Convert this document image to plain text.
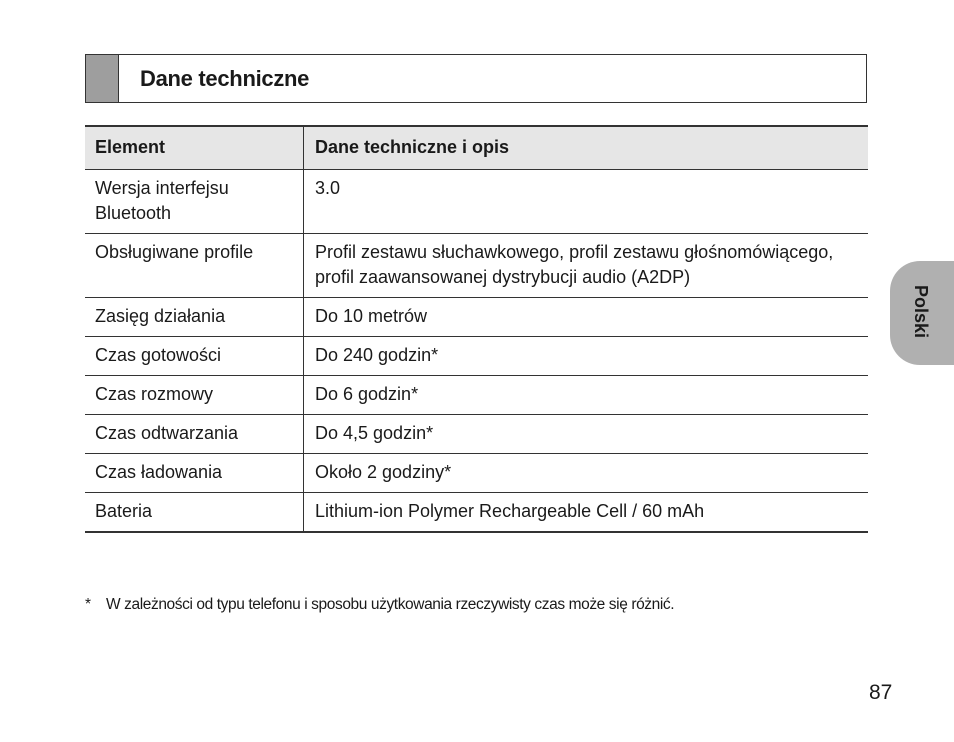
Dane techniczne
Element	Dane techniczne i opis
Wersja interfejsu Bluetooth	3.0
Obsługiwane profile	Profil zestawu słuchawkowego, profil zestawu głośnomówiącego, profil zaawansowanej dystrybucji audio (A2DP)
Zasięg działania	Do 10 metrów
Czas gotowości	Do 240 godzin*
Czas rozmowy	Do 6 godzin*
Czas odtwarzania	Do 4,5 godzin*
Czas ładowania	Około 2 godziny*
Bateria	Lithium-ion Polymer Rechargeable Cell / 60 mAh
* W zależności od typu telefonu i sposobu użytkowania rzeczywisty czas może się różnić.
Polski
87
